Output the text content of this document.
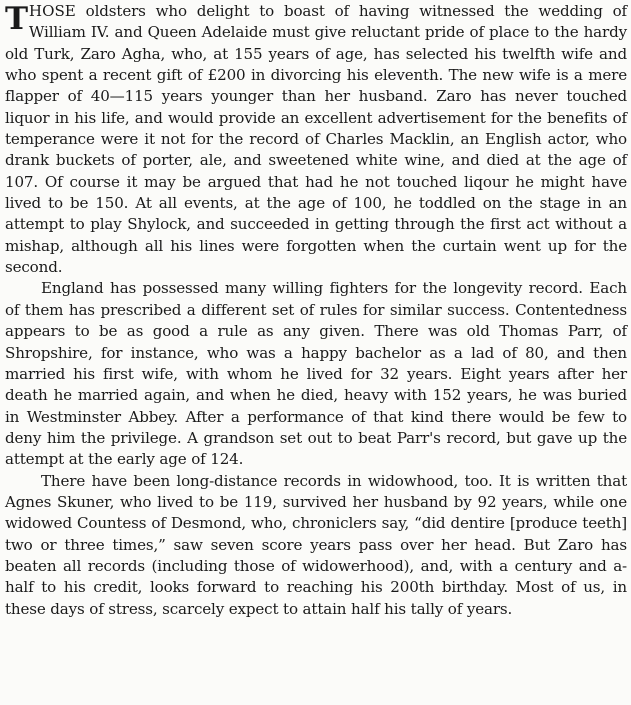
THOSE oldsters who delight to boast of having witnessed the wedding of William IV. and Queen Adelaide must give reluctant pride of place to the hardy old Turk, Zaro Agha, who, at 155 years of age, has selected his twelfth wife and who spent a recent gift of £200 in divorcing his eleventh. The new wife is a mere flapper of 40—115 years younger than her husband. Zaro has never touched liquor in his life, and would provide an excellent advertisement for the benefits of temperance were it not for the record of Charles Macklin, an English actor, who drank buckets of porter, ale, and sweetened white wine, and died at the age of 107. Of course it may be argued that had he not touched liqour he might have lived to be 150. At all events, at the age of 100, he toddled on the stage in an attempt to play Shylock, and succeeded in getting through the first act without a mishap, although all his lines were forgotten when the curtain went up for the second.

England has possessed many willing fighters for the longevity record. Each of them has prescribed a different set of rules for similar success. Contentedness appears to be as good a rule as any given. There was old Thomas Parr, of Shropshire, for instance, who was a happy bachelor as a lad of 80, and then married his first wife, with whom he lived for 32 years. Eight years after her death he married again, and when he died, heavy with 152 years, he was buried in Westminster Abbey. After a performance of that kind there would be few to deny him the privilege. A grandson set out to beat Parr's record, but gave up the attempt at the early age of 124.

There have been long-distance records in widowhood, too. It is written that Agnes Skuner, who lived to be 119, survived her husband by 92 years, while one widowed Countess of Desmond, who, chroniclers say, “did dentire [produce teeth] two or three times,” saw seven score years pass over her head. But Zaro has beaten all records (including those of widowerhood), and, with a century and a-half to his credit, looks forward to reaching his 200th birthday. Most of us, in these days of stress, scarcely expect to attain half his tally of years.
